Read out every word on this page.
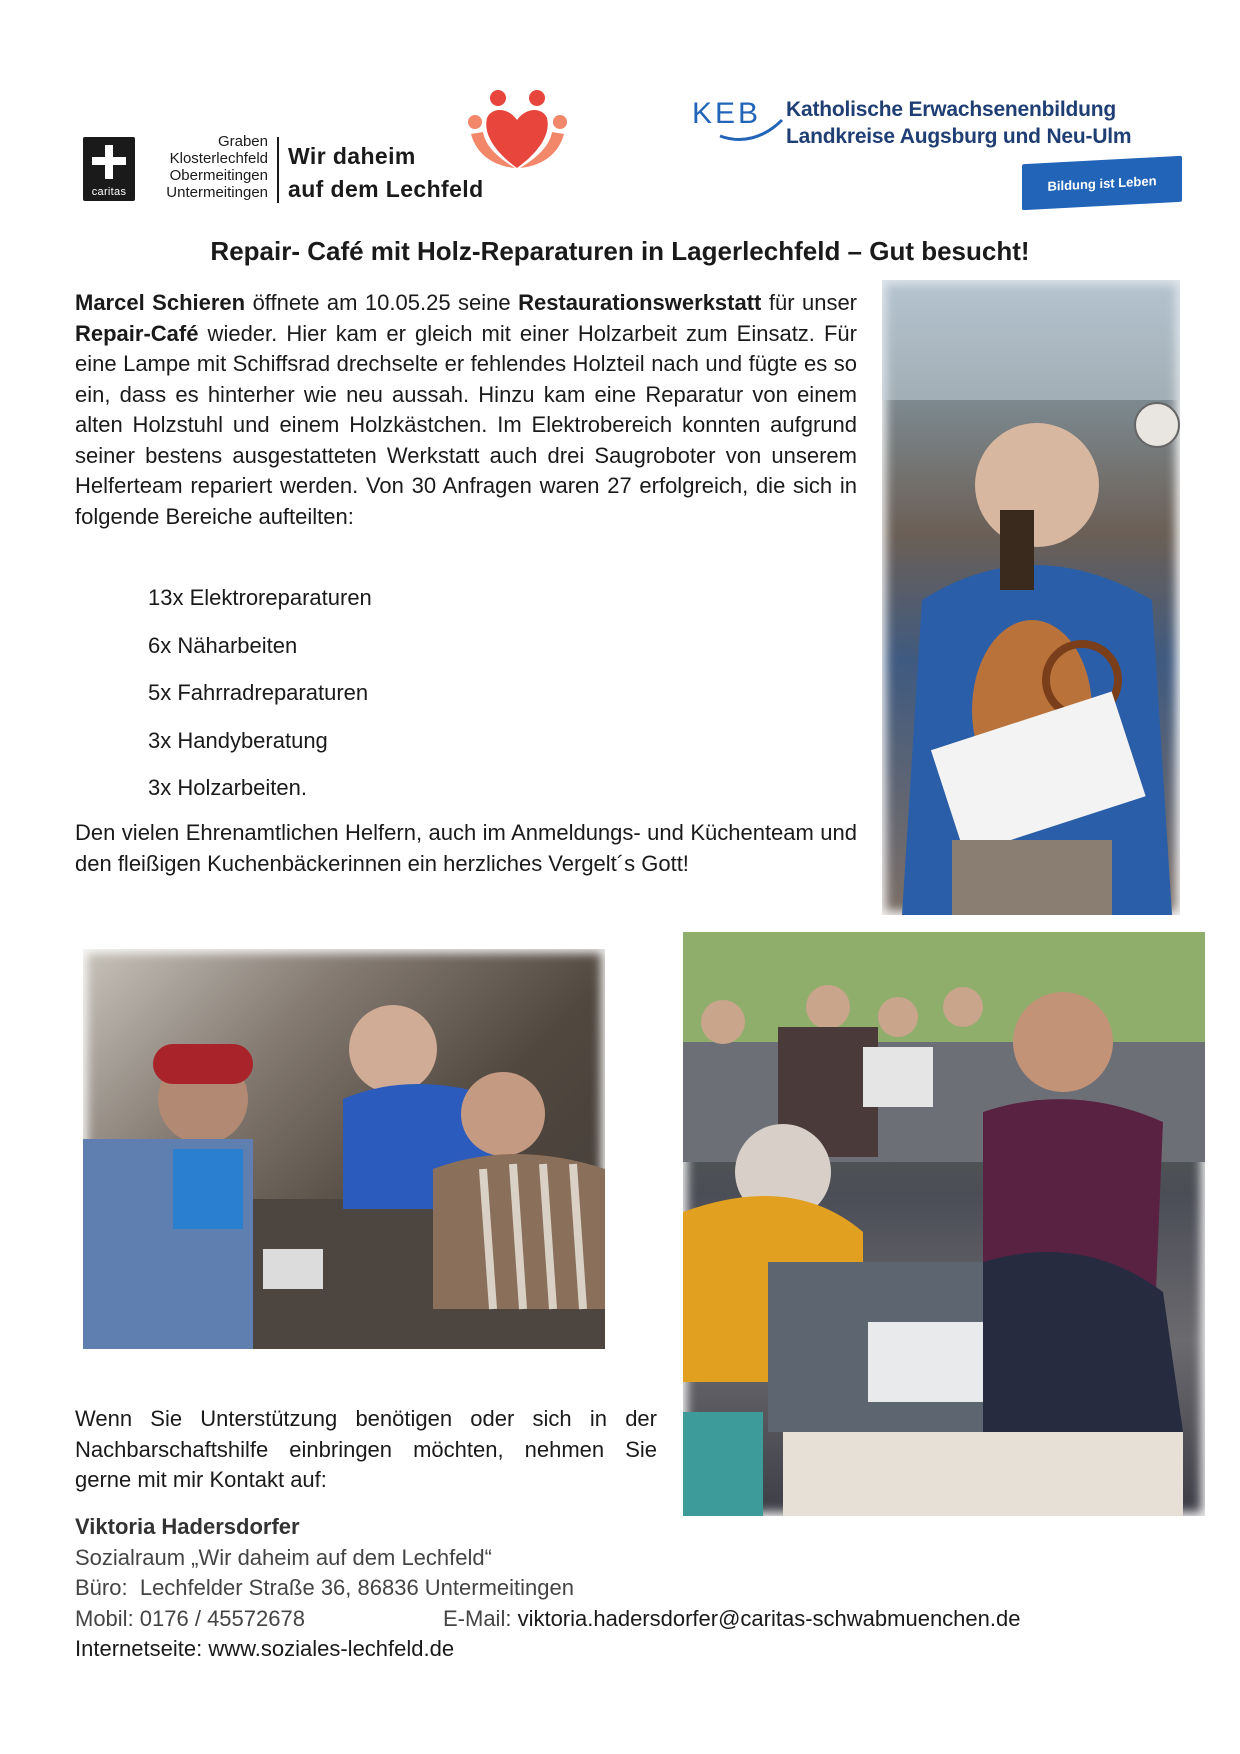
caritas
Graben
Klosterlechfeld
Obermeitingen
Untermeitingen
Wir daheim
auf dem Lechfeld
KEB Katholische Erwachsenenbildung
Landkreise Augsburg und Neu-Ulm
Bildung ist Leben
Repair- Café mit Holz-Reparaturen in Lagerlechfeld – Gut besucht!
Marcel Schieren öffnete am 10.05.25 seine Restaurationswerkstatt für unser Repair-Café wieder. Hier kam er gleich mit einer Holzarbeit zum Einsatz. Für eine Lampe mit Schiffsrad drechselte er fehlendes Holzteil nach und fügte es so ein, dass es hinterher wie neu aussah. Hinzu kam eine Reparatur von einem alten Holzstuhl und einem Holzkästchen. Im Elektrobereich konnten aufgrund seiner bestens ausgestatteten Werkstatt auch drei Saugroboter von unserem Helferteam repariert werden. Von 30 Anfragen waren 27 erfolgreich, die sich in folgende Bereiche aufteilten:
13x Elektroreparaturen
6x Näharbeiten
5x Fahrradreparaturen
3x Handyberatung
3x Holzarbeiten.
Den vielen Ehrenamtlichen Helfern, auch im Anmeldungs- und Küchenteam und den fleißigen Kuchenbäckerinnen ein herzliches Vergelt´s Gott!
Wenn Sie Unterstützung benötigen oder sich in der Nachbarschaftshilfe einbringen möchten, nehmen Sie gerne mit mir Kontakt auf:
Viktoria Hadersdorfer
Sozialraum „Wir daheim auf dem Lechfeld“
Büro: Lechfelder Straße 36, 86836 Untermeitingen
Mobil: 0176 / 45572678	E-Mail: viktoria.hadersdorfer@caritas-schwabmuenchen.de
Internetseite: www.soziales-lechfeld.de
